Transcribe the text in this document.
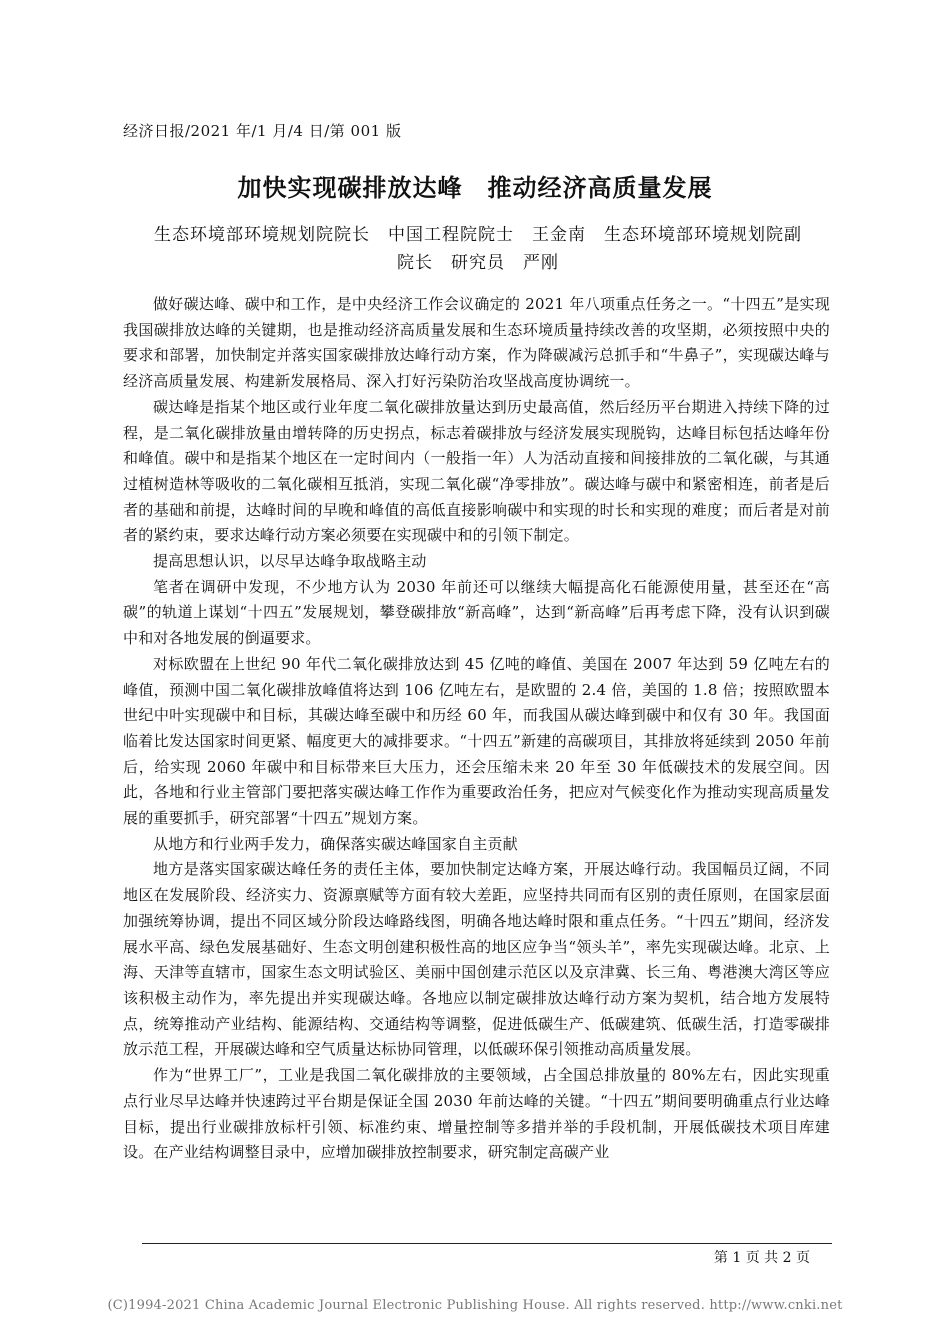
经济日报/2021 年/1 月/4 日/第 001 版
加快实现碳排放达峰　推动经济高质量发展
生态环境部环境规划院院长　中国工程院院士　王金南　生态环境部环境规划院副
院长　研究员　严刚

做好碳达峰、碳中和工作，是中央经济工作会议确定的 2021 年八项重点任务之一。“十四五”是实现我国碳排放达峰的关键期，也是推动经济高质量发展和生态环境质量持续改善的攻坚期，必须按照中央的要求和部署，加快制定并落实国家碳排放达峰行动方案，作为降碳减污总抓手和“牛鼻子”，实现碳达峰与经济高质量发展、构建新发展格局、深入打好污染防治攻坚战高度协调统一。

碳达峰是指某个地区或行业年度二氧化碳排放量达到历史最高值，然后经历平台期进入持续下降的过程，是二氧化碳排放量由增转降的历史拐点，标志着碳排放与经济发展实现脱钩，达峰目标包括达峰年份和峰值。碳中和是指某个地区在一定时间内（一般指一年）人为活动直接和间接排放的二氧化碳，与其通过植树造林等吸收的二氧化碳相互抵消，实现二氧化碳“净零排放”。碳达峰与碳中和紧密相连，前者是后者的基础和前提，达峰时间的早晚和峰值的高低直接影响碳中和实现的时长和实现的难度；而后者是对前者的紧约束，要求达峰行动方案必须要在实现碳中和的引领下制定。

提高思想认识，以尽早达峰争取战略主动

笔者在调研中发现，不少地方认为 2030 年前还可以继续大幅提高化石能源使用量，甚至还在“高碳”的轨道上谋划“十四五”发展规划，攀登碳排放“新高峰”，达到“新高峰”后再考虑下降，没有认识到碳中和对各地发展的倒逼要求。

对标欧盟在上世纪 90 年代二氧化碳排放达到 45 亿吨的峰值、美国在 2007 年达到 59 亿吨左右的峰值，预测中国二氧化碳排放峰值将达到 106 亿吨左右，是欧盟的 2.4 倍，美国的 1.8 倍；按照欧盟本世纪中叶实现碳中和目标，其碳达峰至碳中和历经 60 年，而我国从碳达峰到碳中和仅有 30 年。我国面临着比发达国家时间更紧、幅度更大的减排要求。“十四五”新建的高碳项目，其排放将延续到 2050 年前后，给实现 2060 年碳中和目标带来巨大压力，还会压缩未来 20 年至 30 年低碳技术的发展空间。因此，各地和行业主管部门要把落实碳达峰工作作为重要政治任务，把应对气候变化作为推动实现高质量发展的重要抓手，研究部署“十四五”规划方案。

从地方和行业两手发力，确保落实碳达峰国家自主贡献

地方是落实国家碳达峰任务的责任主体，要加快制定达峰方案，开展达峰行动。我国幅员辽阔，不同地区在发展阶段、经济实力、资源禀赋等方面有较大差距，应坚持共同而有区别的责任原则，在国家层面加强统筹协调，提出不同区域分阶段达峰路线图，明确各地达峰时限和重点任务。“十四五”期间，经济发展水平高、绿色发展基础好、生态文明创建积极性高的地区应争当“领头羊”，率先实现碳达峰。北京、上海、天津等直辖市，国家生态文明试验区、美丽中国创建示范区以及京津冀、长三角、粤港澳大湾区等应该积极主动作为，率先提出并实现碳达峰。各地应以制定碳排放达峰行动方案为契机，结合地方发展特点，统筹推动产业结构、能源结构、交通结构等调整，促进低碳生产、低碳建筑、低碳生活，打造零碳排放示范工程，开展碳达峰和空气质量达标协同管理，以低碳环保引领推动高质量发展。

作为“世界工厂”，工业是我国二氧化碳排放的主要领域，占全国总排放量的 80%左右，因此实现重点行业尽早达峰并快速跨过平台期是保证全国 2030 年前达峰的关键。“十四五”期间要明确重点行业达峰目标，提出行业碳排放标杆引领、标准约束、增量控制等多措并举的手段机制，开展低碳技术项目库建设。在产业结构调整目录中，应增加碳排放控制要求，研究制定高碳产业

第 1 页 共 2 页
(C)1994-2021 China Academic Journal Electronic Publishing House. All rights reserved. http://www.cnki.net
